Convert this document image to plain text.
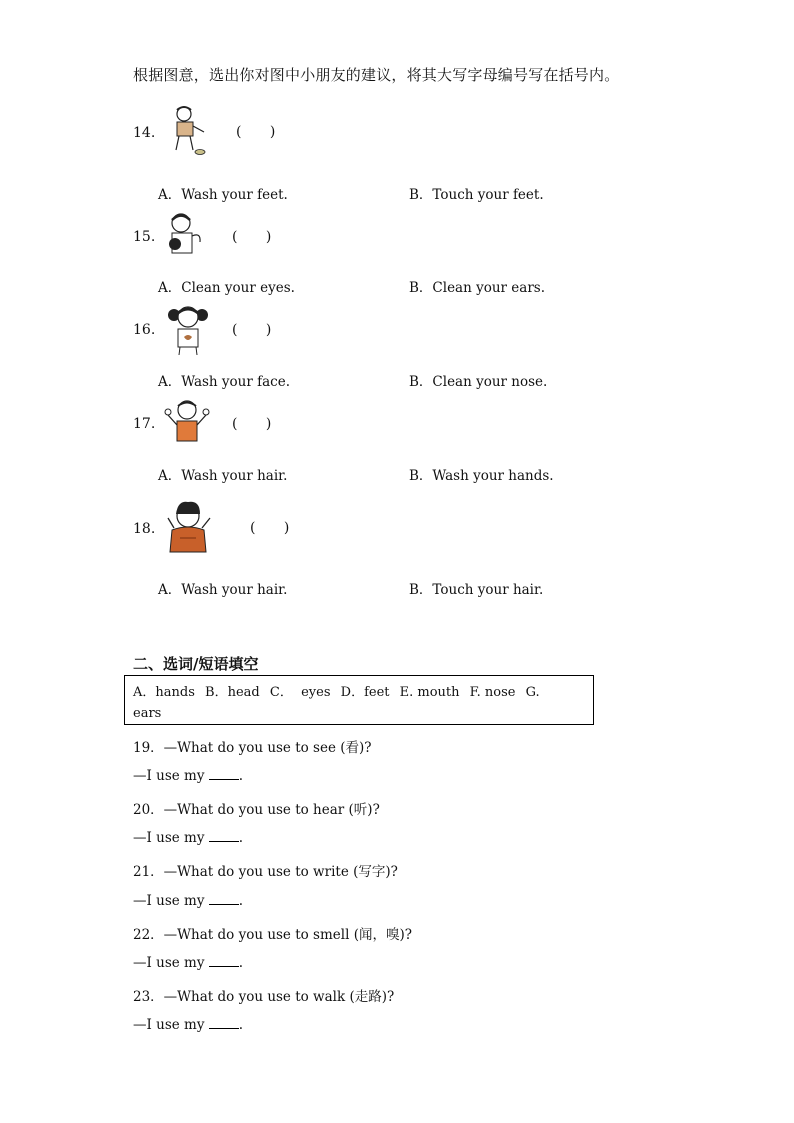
根据图意，选出你对图中小朋友的建议，将其大写字母编号写在括号内。
14.	( )
A．Wash your feet.	B．Touch your feet.
15.	( )
A．Clean your eyes.	B．Clean your ears.
16.	( )
A．Wash your face.	B．Clean your nose.
17.	( )
A．Wash your hair.	B．Wash your hands.
18.	( )
A．Wash your hair.	B．Touch your hair.
二、选词/短语填空
A．hands B．head C．  eyes D．feet E. mouth F. nose G.
ears
19．—What do you use to see (看)?
—I use my	.
20．—What do you use to hear (听)?
—I use my	.
21．—What do you use to write (写字)?
—I use my	.
22．—What do you use to smell (闻，嗅)?
—I use my	.
23．—What do you use to walk (走路)?
—I use my	.
